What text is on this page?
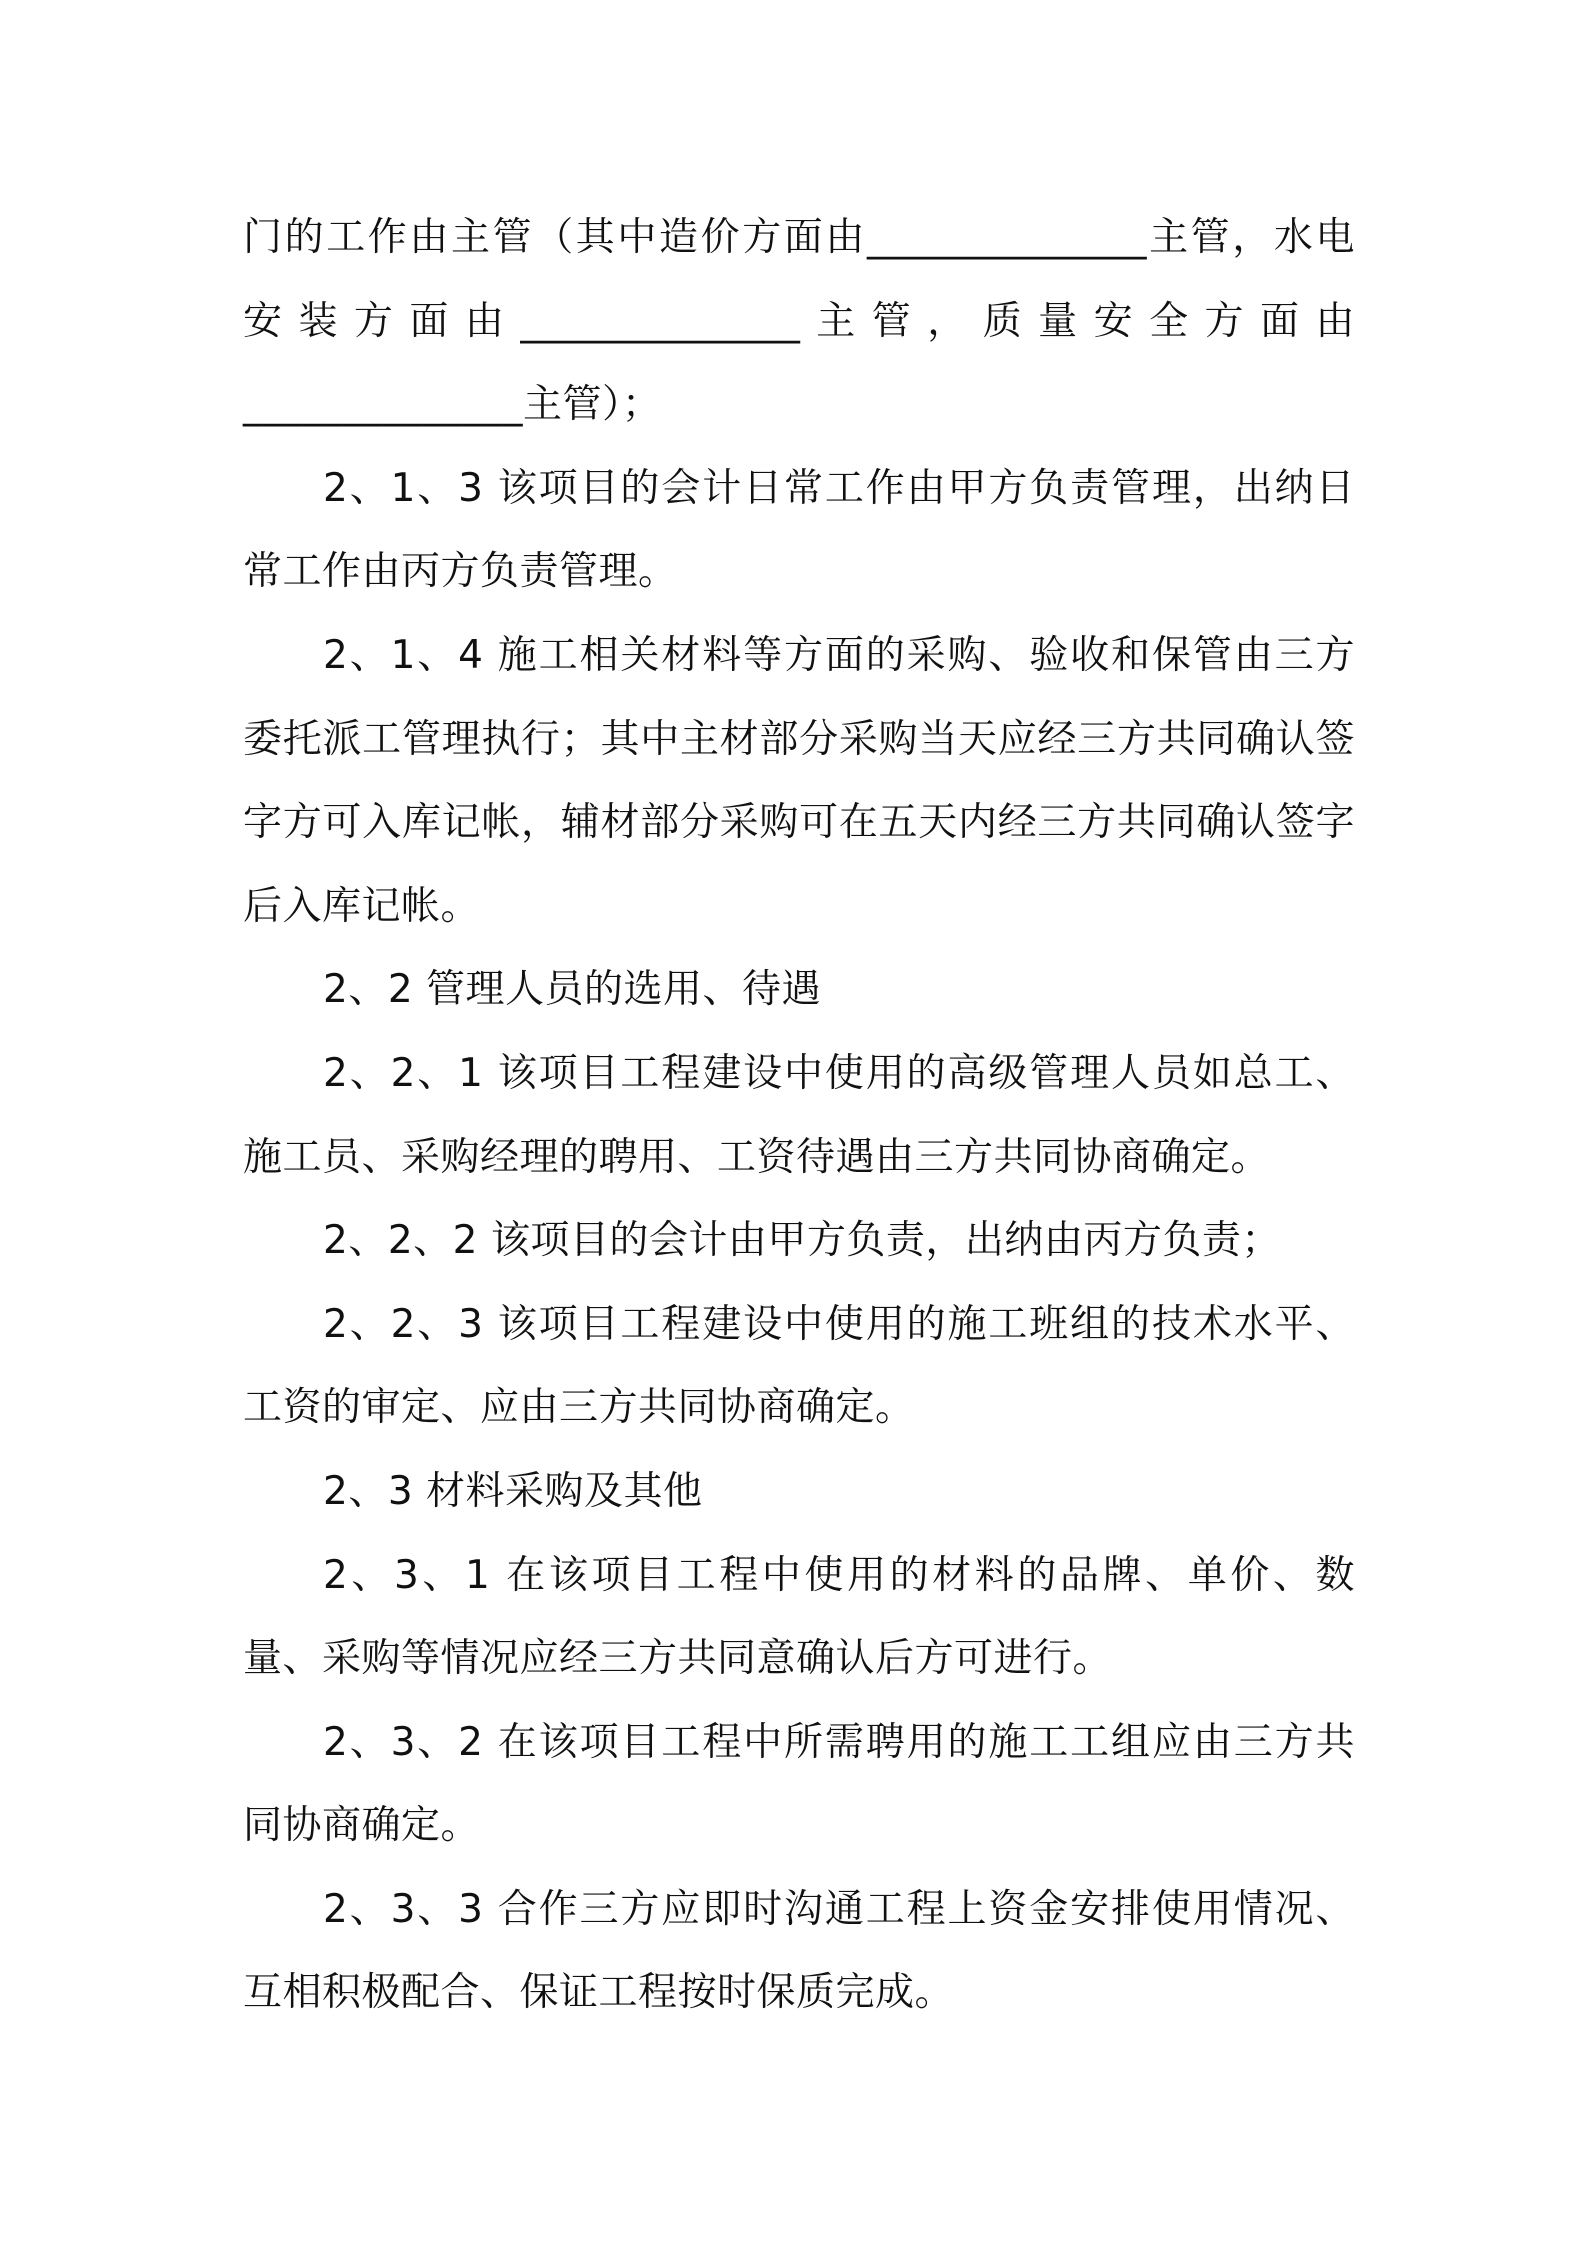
门的工作由主管（其中造价方面由______________主管，水电
安装方面由______________主管，质量安全方面由
______________主管）；

2、1、3 该项目的会计日常工作由甲方负责管理，出纳日常工作由丙方负责管理。

2、1、4 施工相关材料等方面的采购、验收和保管由三方委托派工管理执行；其中主材部分采购当天应经三方共同确认签字方可入库记帐，辅材部分采购可在五天内经三方共同确认签字后入库记帐。

2、2 管理人员的选用、待遇

2、2、1 该项目工程建设中使用的高级管理人员如总工、施工员、采购经理的聘用、工资待遇由三方共同协商确定。

2、2、2 该项目的会计由甲方负责，出纳由丙方负责；

2、2、3 该项目工程建设中使用的施工班组的技术水平、工资的审定、应由三方共同协商确定。

2、3 材料采购及其他

2、3、1 在该项目工程中使用的材料的品牌、单价、数量、采购等情况应经三方共同意确认后方可进行。

2、3、2 在该项目工程中所需聘用的施工工组应由三方共同协商确定。

2、3、3 合作三方应即时沟通工程上资金安排使用情况、互相积极配合、保证工程按时保质完成。
